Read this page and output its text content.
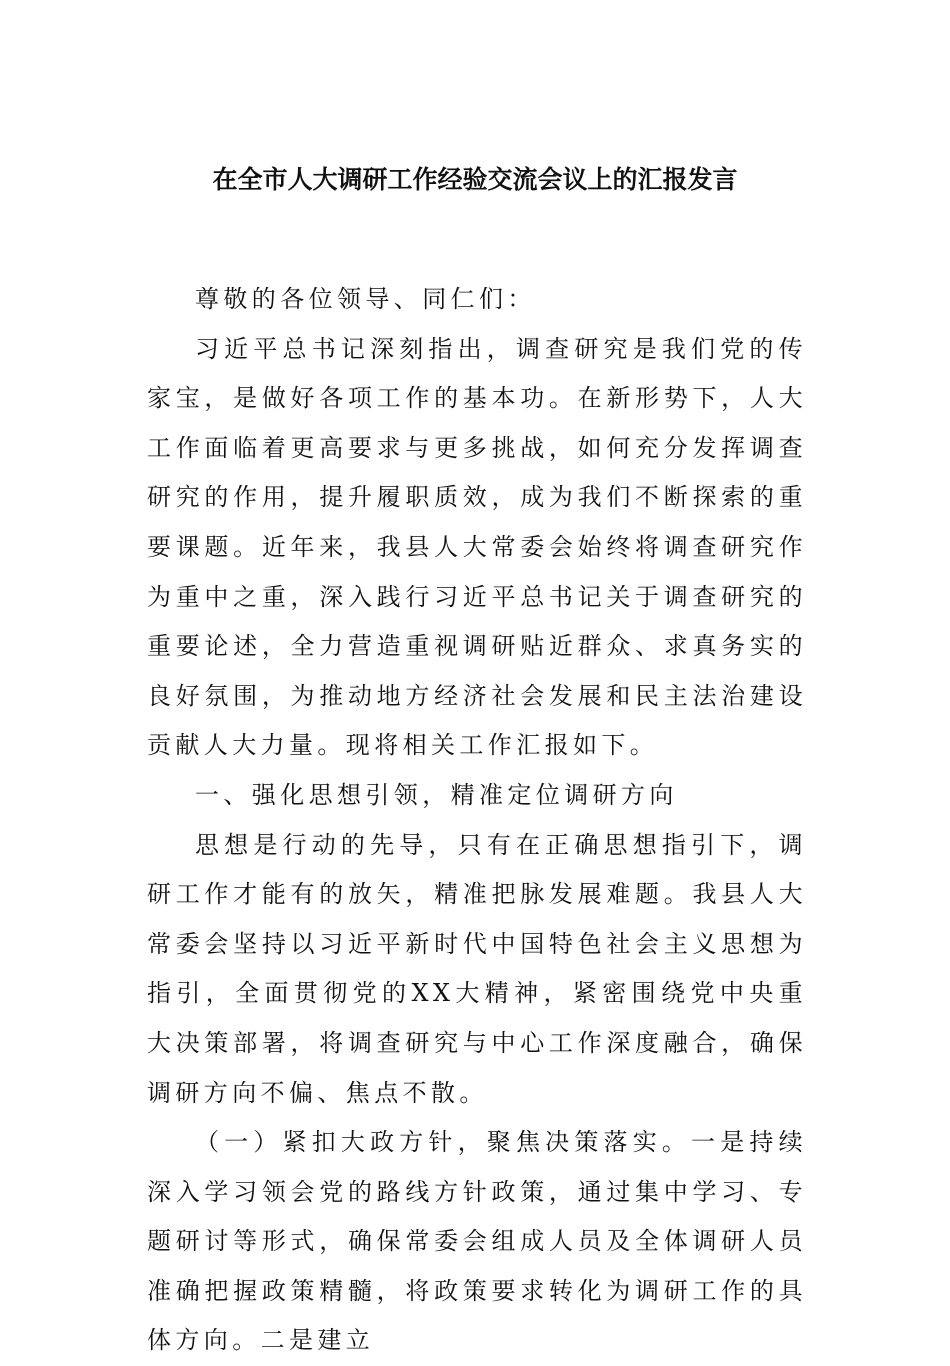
在全市人大调研工作经验交流会议上的汇报发言

尊敬的各位领导、同仁们：

习近平总书记深刻指出，调查研究是我们党的传家宝，是做好各项工作的基本功。在新形势下，人大工作面临着更高要求与更多挑战，如何充分发挥调查研究的作用，提升履职质效，成为我们不断探索的重要课题。近年来，我县人大常委会始终将调查研究作为重中之重，深入践行习近平总书记关于调查研究的重要论述，全力营造重视调研贴近群众、求真务实的良好氛围，为推动地方经济社会发展和民主法治建设贡献人大力量。现将相关工作汇报如下。

一、强化思想引领，精准定位调研方向

思想是行动的先导，只有在正确思想指引下，调研工作才能有的放矢，精准把脉发展难题。我县人大常委会坚持以习近平新时代中国特色社会主义思想为指引，全面贯彻党的XX大精神，紧密围绕党中央重大决策部署，将调查研究与中心工作深度融合，确保调研方向不偏、焦点不散。

（一）紧扣大政方针，聚焦决策落实。一是持续深入学习领会党的路线方针政策，通过集中学习、专题研讨等形式，确保常委会组成人员及全体调研人员准确把握政策精髓，将政策要求转化为调研工作的具体方向。二是建立
